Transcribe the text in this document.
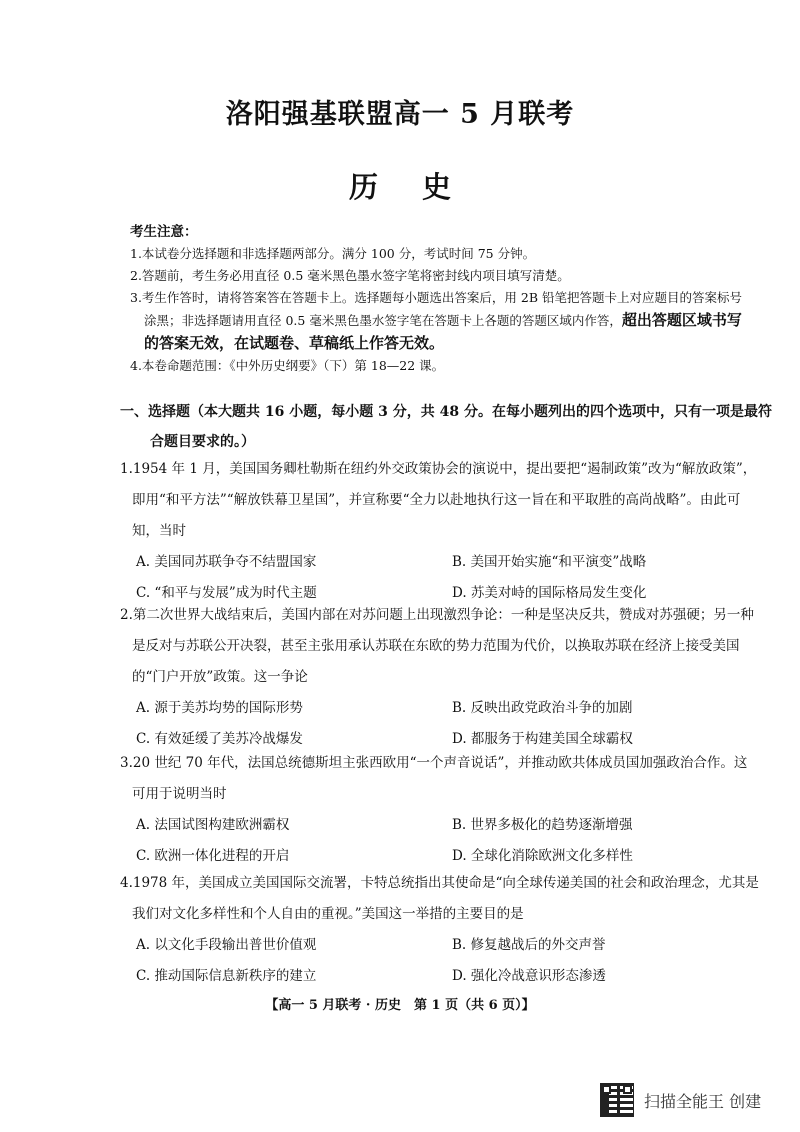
洛阳强基联盟高一 5 月联考
历史
考生注意：
1.本试卷分选择题和非选择题两部分。满分 100 分，考试时间 75 分钟。
2.答题前，考生务必用直径 0.5 毫米黑色墨水签字笔将密封线内项目填写清楚。
3.考生作答时，请将答案答在答题卡上。选择题每小题选出答案后，用 2B 铅笔把答题卡上对应题目的答案标号涂黑；非选择题请用直径 0.5 毫米黑色墨水签字笔在答题卡上各题的答题区域内作答，超出答题区域书写的答案无效，在试题卷、草稿纸上作答无效。
4.本卷命题范围：《中外历史纲要》（下）第 18—22 课。
一、选择题（本大题共 16 小题，每小题 3 分，共 48 分。在每小题列出的四个选项中，只有一项是最符合题目要求的。）
1.1954 年 1 月，美国国务卿杜勒斯在纽约外交政策协会的演说中，提出要把“遏制政策”改为“解放政策”，即用“和平方法”“解放铁幕卫星国”，并宣称要“全力以赴地执行这一旨在和平取胜的高尚战略”。由此可知，当时
A. 美国同苏联争夺不结盟国家	B. 美国开始实施“和平演变”战略
C. “和平与发展”成为时代主题	D. 苏美对峙的国际格局发生变化
2.第二次世界大战结束后，美国内部在对苏问题上出现激烈争论：一种是坚决反共，赞成对苏强硬；另一种是反对与苏联公开决裂，甚至主张用承认苏联在东欧的势力范围为代价，以换取苏联在经济上接受美国的“门户开放”政策。这一争论
A. 源于美苏均势的国际形势	B. 反映出政党政治斗争的加剧
C. 有效延缓了美苏冷战爆发	D. 都服务于构建美国全球霸权
3.20 世纪 70 年代，法国总统德斯坦主张西欧用“一个声音说话”，并推动欧共体成员国加强政治合作。这可用于说明当时
A. 法国试图构建欧洲霸权	B. 世界多极化的趋势逐渐增强
C. 欧洲一体化进程的开启	D. 全球化消除欧洲文化多样性
4.1978 年，美国成立美国国际交流署，卡特总统指出其使命是“向全球传递美国的社会和政治理念，尤其是我们对文化多样性和个人自由的重视。”美国这一举措的主要目的是
A. 以文化手段输出普世价值观	B. 修复越战后的外交声誉
C. 推动国际信息新秩序的建立	D. 强化冷战意识形态渗透
【高一 5 月联考 · 历史　第 1 页（共 6 页）】
扫描全能王 创建
